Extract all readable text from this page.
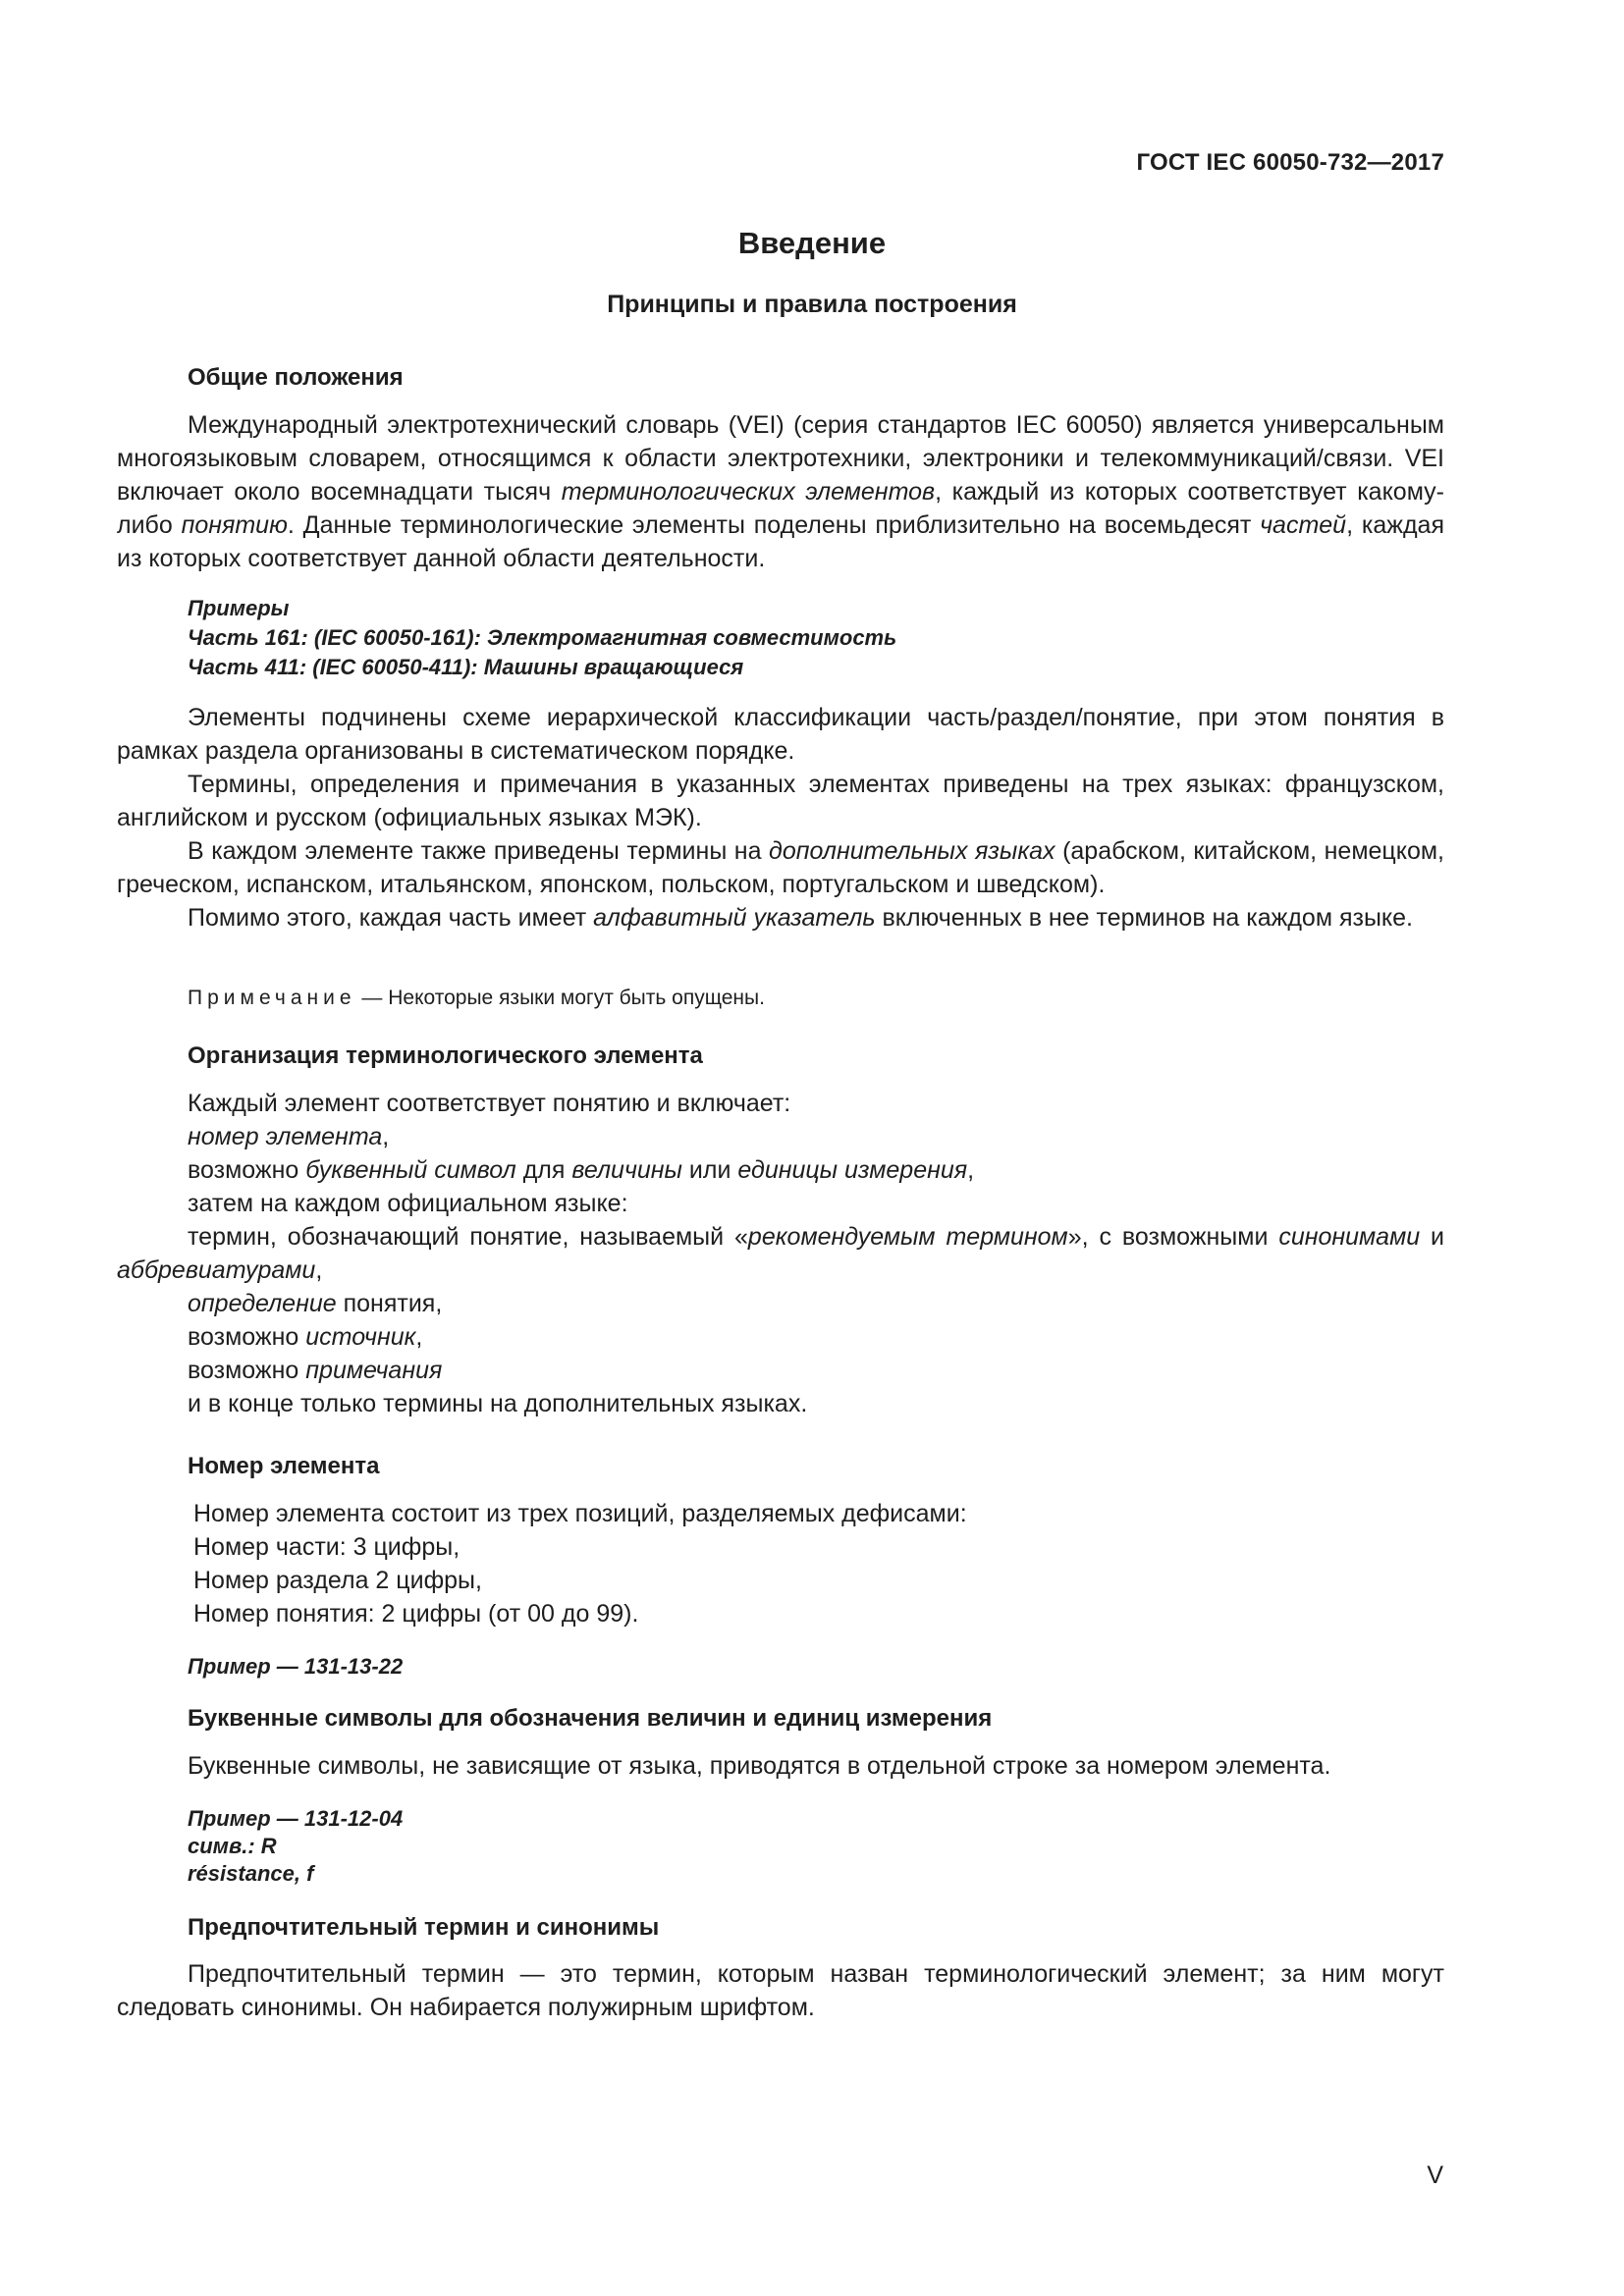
ГОСТ IEC 60050-732—2017
Введение
Принципы и правила построения
Общие положения

Международный электротехнический словарь (VEI) (серия стандартов IEC 60050) является универсальным многоязыковым словарем, относящимся к области электротехники, электроники и телекоммуникаций/связи. VEI включает около восемнадцати тысяч терминологических элементов, каждый из которых соответствует какому-либо понятию. Данные терминологические элементы поделены приблизительно на восемьдесят частей, каждая из которых соответствует данной области деятельности.

Примеры
Часть 161: (IEC 60050-161): Электромагнитная совместимость
Часть 411: (IEC 60050-411): Машины вращающиеся

Элементы подчинены схеме иерархической классификации часть/раздел/понятие, при этом понятия в рамках раздела организованы в систематическом порядке.

Термины, определения и примечания в указанных элементах приведены на трех языках: французском, английском и русском (официальных языках МЭК).

В каждом элементе также приведены термины на дополнительных языках (арабском, китайском, немецком, греческом, испанском, итальянском, японском, польском, португальском и шведском).

Помимо этого, каждая часть имеет алфавитный указатель включенных в нее терминов на каждом языке.

Примечание — Некоторые языки могут быть опущены.
Организация терминологического элемента
Каждый элемент соответствует понятию и включает:
номер элемента,
возможно буквенный символ для величины или единицы измерения,
затем на каждом официальном языке:

термин, обозначающий понятие, называемый «рекомендуемым термином», с возможными синонимами и аббревиатурами,

определение понятия,
возможно источник,
возможно примечания
и в конце только термины на дополнительных языках.
Номер элемента
Номер элемента состоит из трех позиций, разделяемых дефисами:
Номер части: 3 цифры,
Номер раздела 2 цифры,
Номер понятия: 2 цифры (от 00 до 99).
Пример — 131-13-22
Буквенные символы для обозначения величин и единиц измерения
Буквенные символы, не зависящие от языка, приводятся в отдельной строке за номером элемента.
Пример — 131-12-04
симв.: R
résistance, f
Предпочтительный термин и синонимы

Предпочтительный термин — это термин, которым назван терминологический элемент; за ним могут следовать синонимы. Он набирается полужирным шрифтом.

V
